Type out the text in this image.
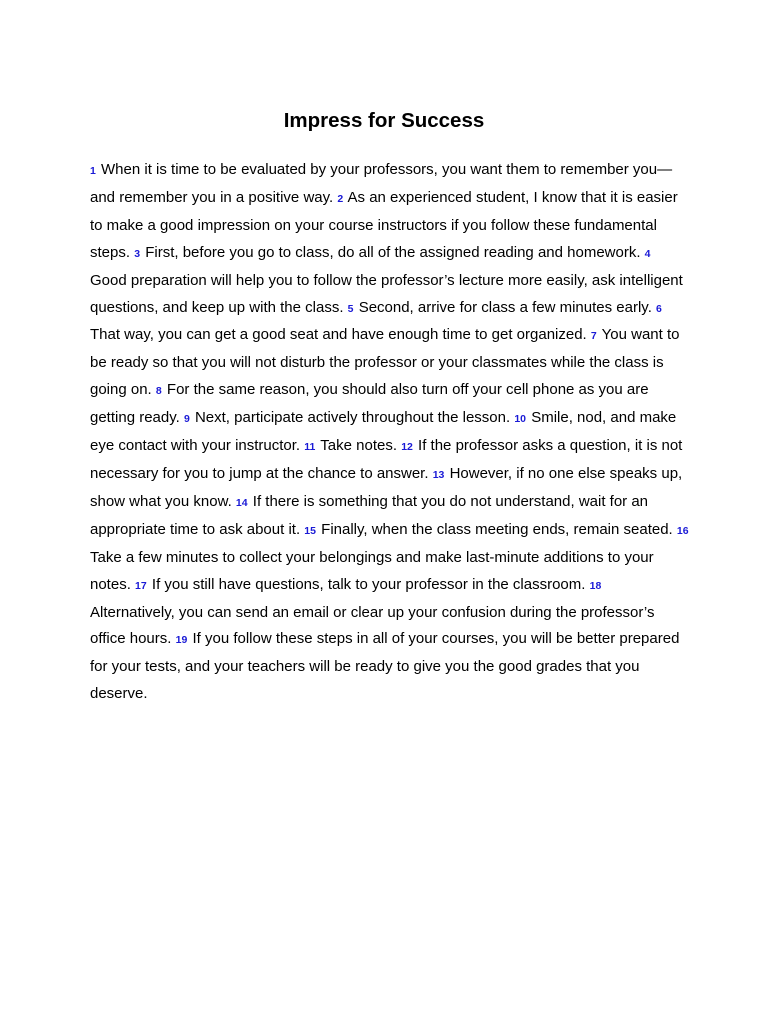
Impress for Success

1 When it is time to be evaluated by your professors, you want them to remember you—and remember you in a positive way. 2 As an experienced student, I know that it is easier to make a good impression on your course instructors if you follow these fundamental steps. 3 First, before you go to class, do all of the assigned reading and homework. 4 Good preparation will help you to follow the professor’s lecture more easily, ask intelligent questions, and keep up with the class. 5 Second, arrive for class a few minutes early. 6 That way, you can get a good seat and have enough time to get organized. 7 You want to be ready so that you will not disturb the professor or your classmates while the class is going on. 8 For the same reason, you should also turn off your cell phone as you are getting ready. 9 Next, participate actively throughout the lesson. 10 Smile, nod, and make eye contact with your instructor. 11 Take notes. 12 If the professor asks a question, it is not necessary for you to jump at the chance to answer. 13 However, if no one else speaks up, show what you know. 14 If there is something that you do not understand, wait for an appropriate time to ask about it. 15 Finally, when the class meeting ends, remain seated. 16 Take a few minutes to collect your belongings and make last-minute additions to your notes. 17 If you still have questions, talk to your professor in the classroom. 18 Alternatively, you can send an email or clear up your confusion during the professor’s office hours. 19 If you follow these steps in all of your courses, you will be better prepared for your tests, and your teachers will be ready to give you the good grades that you deserve.
